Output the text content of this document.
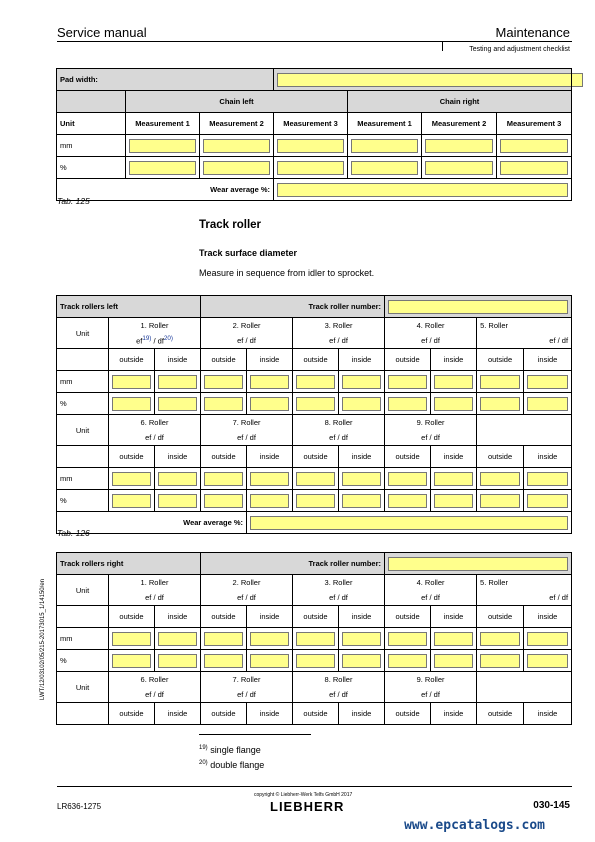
Service manual	Maintenance
Testing and adjustment checklist
Pad width:						

	Chain left			Chain right		
Unit	Measurement 1	Measurement 2	Measurement 3	Measurement 1	Measurement 2	Measurement 3
mm	

%	

Wear average %:						
Tab. 125
Track roller
Track surface diameter
Measure in sequence from idler to sprocket.
Track rollers left			Track roller number:							

Unit	1. Roller		2. Roller		3. Roller		4. Roller		5. Roller	
	$ef^{19)} / df^{20)}$		ef / df		ef / df		ef / df		ef / df	
	outside	inside	outside	inside	outside	inside	outside	inside	outside	inside
mm	

%	

Unit	6. Roller		7. Roller		8. Roller		9. Roller			
	ef / df		ef / df		ef / df		ef / df			
	outside	inside	outside	inside	outside	inside	outside	inside	outside	inside
mm	

%	

Wear average %:										
Tab. 126
Track rollers right			Track roller number:							

Unit	1. Roller		2. Roller		3. Roller		4. Roller		5. Roller	
	ef / df		ef / df		ef / df		ef / df		ef / df	
	outside	inside	outside	inside	outside	inside	outside	inside	outside	inside
mm	

%	

Unit	6. Roller		7. Roller		8. Roller		9. Roller			
	ef / df		ef / df		ef / df		ef / df			
	outside	inside	outside	inside	outside	inside	outside	inside	outside	inside
$^{19)}$ single flange
$^{20)}$ double flange
LWT/12/03102/05/215-20173015_1/14150/en
LR636-1275
copyright © Liebherr-Werk Telfs GmbH 2017
LIEBHERR	030-145
www.epcatalogs.com
